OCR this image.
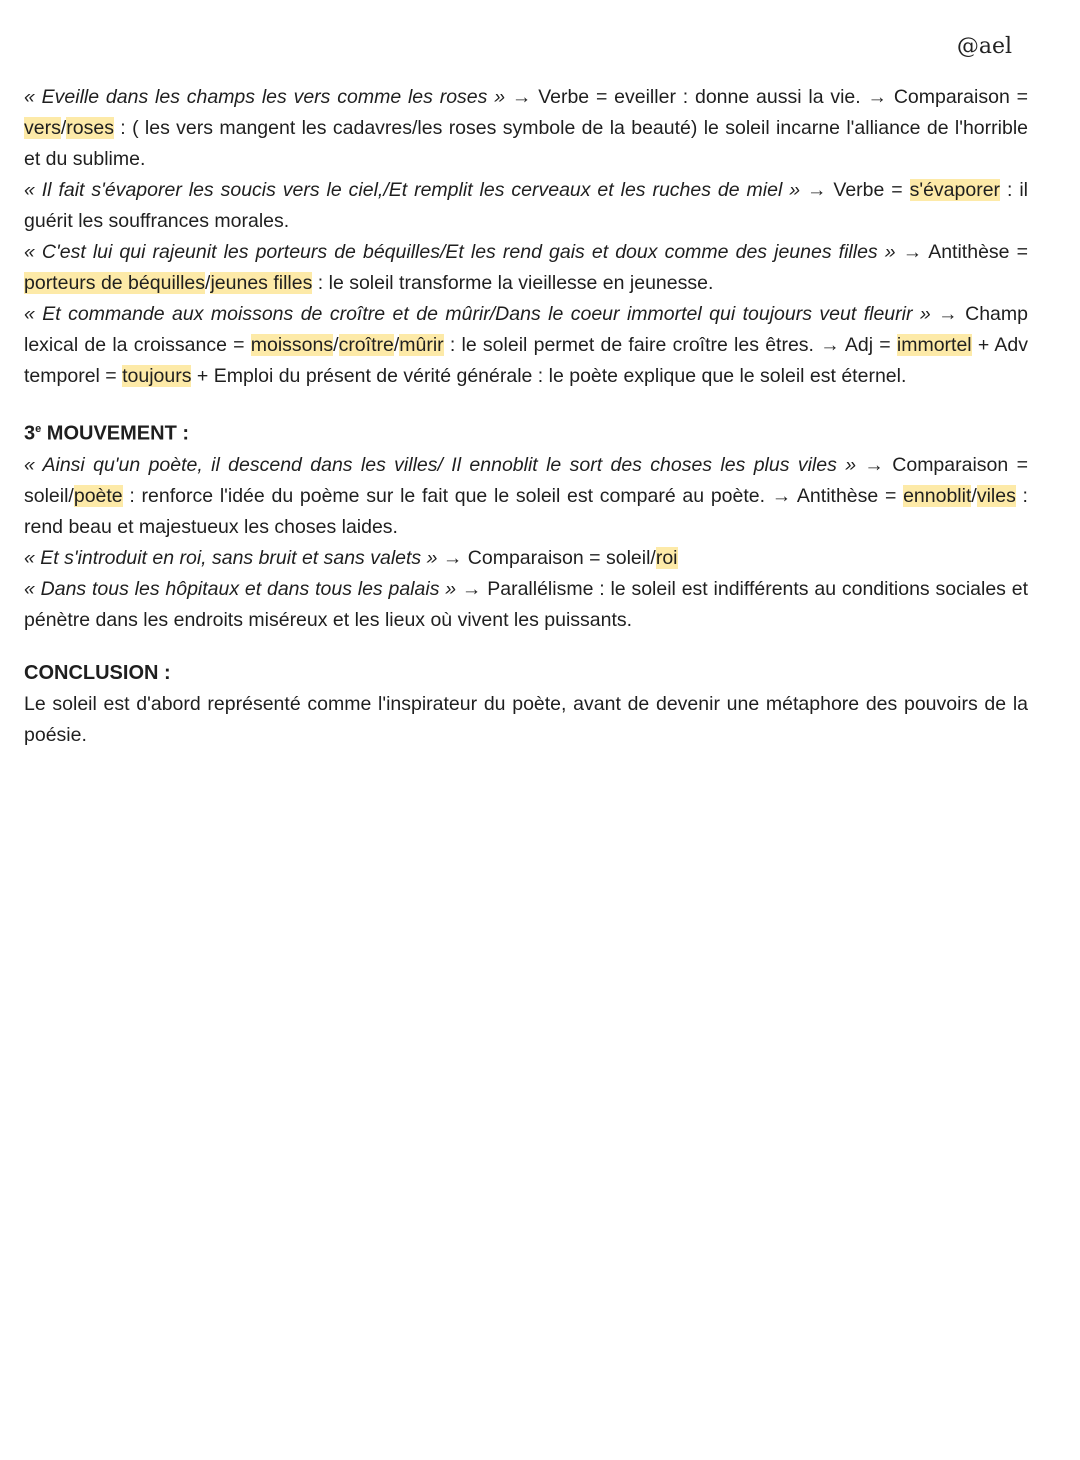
@ael

« Eveille dans les champs les vers comme les roses » → Verbe = eveiller : donne aussi la vie. → Comparaison = vers/roses : ( les vers mangent les cadavres/les roses symbole de la beauté) le soleil incarne l'alliance de l'horrible et du sublime.

« Il fait s'évaporer les soucis vers le ciel,/Et remplit les cerveaux et les ruches de miel » → Verbe = s'évaporer : il guérit les souffrances morales.

« C'est lui qui rajeunit les porteurs de béquilles/Et les rend gais et doux comme des jeunes filles » → Antithèse = porteurs de béquilles/jeunes filles : le soleil transforme la vieillesse en jeunesse.

« Et commande aux moissons de croître et de mûrir/Dans le coeur immortel qui toujours veut fleurir » → Champ lexical de la croissance = moissons/croître/mûrir : le soleil permet de faire croître les êtres. → Adj = immortel + Adv temporel = toujours + Emploi du présent de vérité générale : le poète explique que le soleil est éternel.

3e MOUVEMENT :

« Ainsi qu'un poète, il descend dans les villes/ Il ennoblit le sort des choses les plus viles » → Comparaison = soleil/poète : renforce l'idée du poème sur le fait que le soleil est comparé au poète. → Antithèse = ennoblit/viles : rend beau et majestueux les choses laides.

« Et s'introduit en roi, sans bruit et sans valets » → Comparaison = soleil/roi

« Dans tous les hôpitaux et dans tous les palais » → Parallélisme : le soleil est indifférents au conditions sociales et pénètre dans les endroits miséreux et les lieux où vivent les puissants.

CONCLUSION :

Le soleil est d'abord représenté comme l'inspirateur du poète, avant de devenir une métaphore des pouvoirs de la poésie.
